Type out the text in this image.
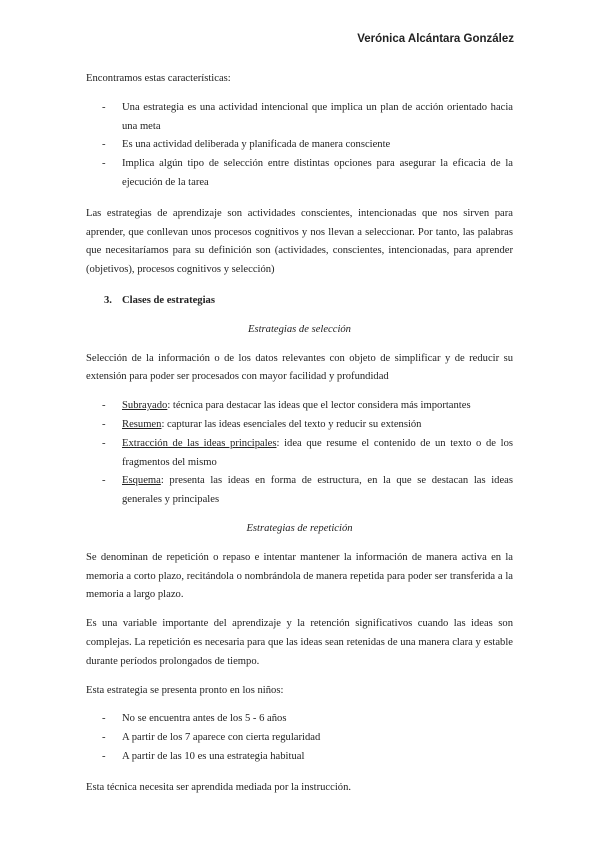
Verónica Alcántara González

Encontramos estas características:

- Una estrategia es una actividad intencional que implica un plan de acción orientado hacia una meta
- Es una actividad deliberada y planificada de manera consciente
- Implica algún tipo de selección entre distintas opciones para asegurar la eficacia de la ejecución de la tarea

Las estrategias de aprendizaje son actividades conscientes, intencionadas que nos sirven para aprender, que conllevan unos procesos cognitivos y nos llevan a seleccionar. Por tanto, las palabras que necesitaríamos para su definición son (actividades, conscientes, intencionadas, para aprender (objetivos), procesos cognitivos y selección)

3. Clases de estrategias
Estrategias de selección

Selección de la información o de los datos relevantes con objeto de simplificar y de reducir su extensión para poder ser procesados con mayor facilidad y profundidad

- Subrayado: técnica para destacar las ideas que el lector considera más importantes
- Resumen: capturar las ideas esenciales del texto y reducir su extensión
- Extracción de las ideas principales: idea que resume el contenido de un texto o de los fragmentos del mismo
- Esquema: presenta las ideas en forma de estructura, en la que se destacan las ideas generales y principales
Estrategias de repetición

Se denominan de repetición o repaso e intentar mantener la información de manera activa en la memoria a corto plazo, recitándola o nombrándola de manera repetida para poder ser transferida a la memoria a largo plazo.

Es una variable importante del aprendizaje y la retención significativos cuando las ideas son complejas. La repetición es necesaria para que las ideas sean retenidas de una manera clara y estable durante períodos prolongados de tiempo.

Esta estrategia se presenta pronto en los niños:

- No se encuentra antes de los 5 - 6 años
- A partir de los 7 aparece con cierta regularidad
- A partir de las 10 es una estrategia habitual

Esta técnica necesita ser aprendida mediada por la instrucción.
